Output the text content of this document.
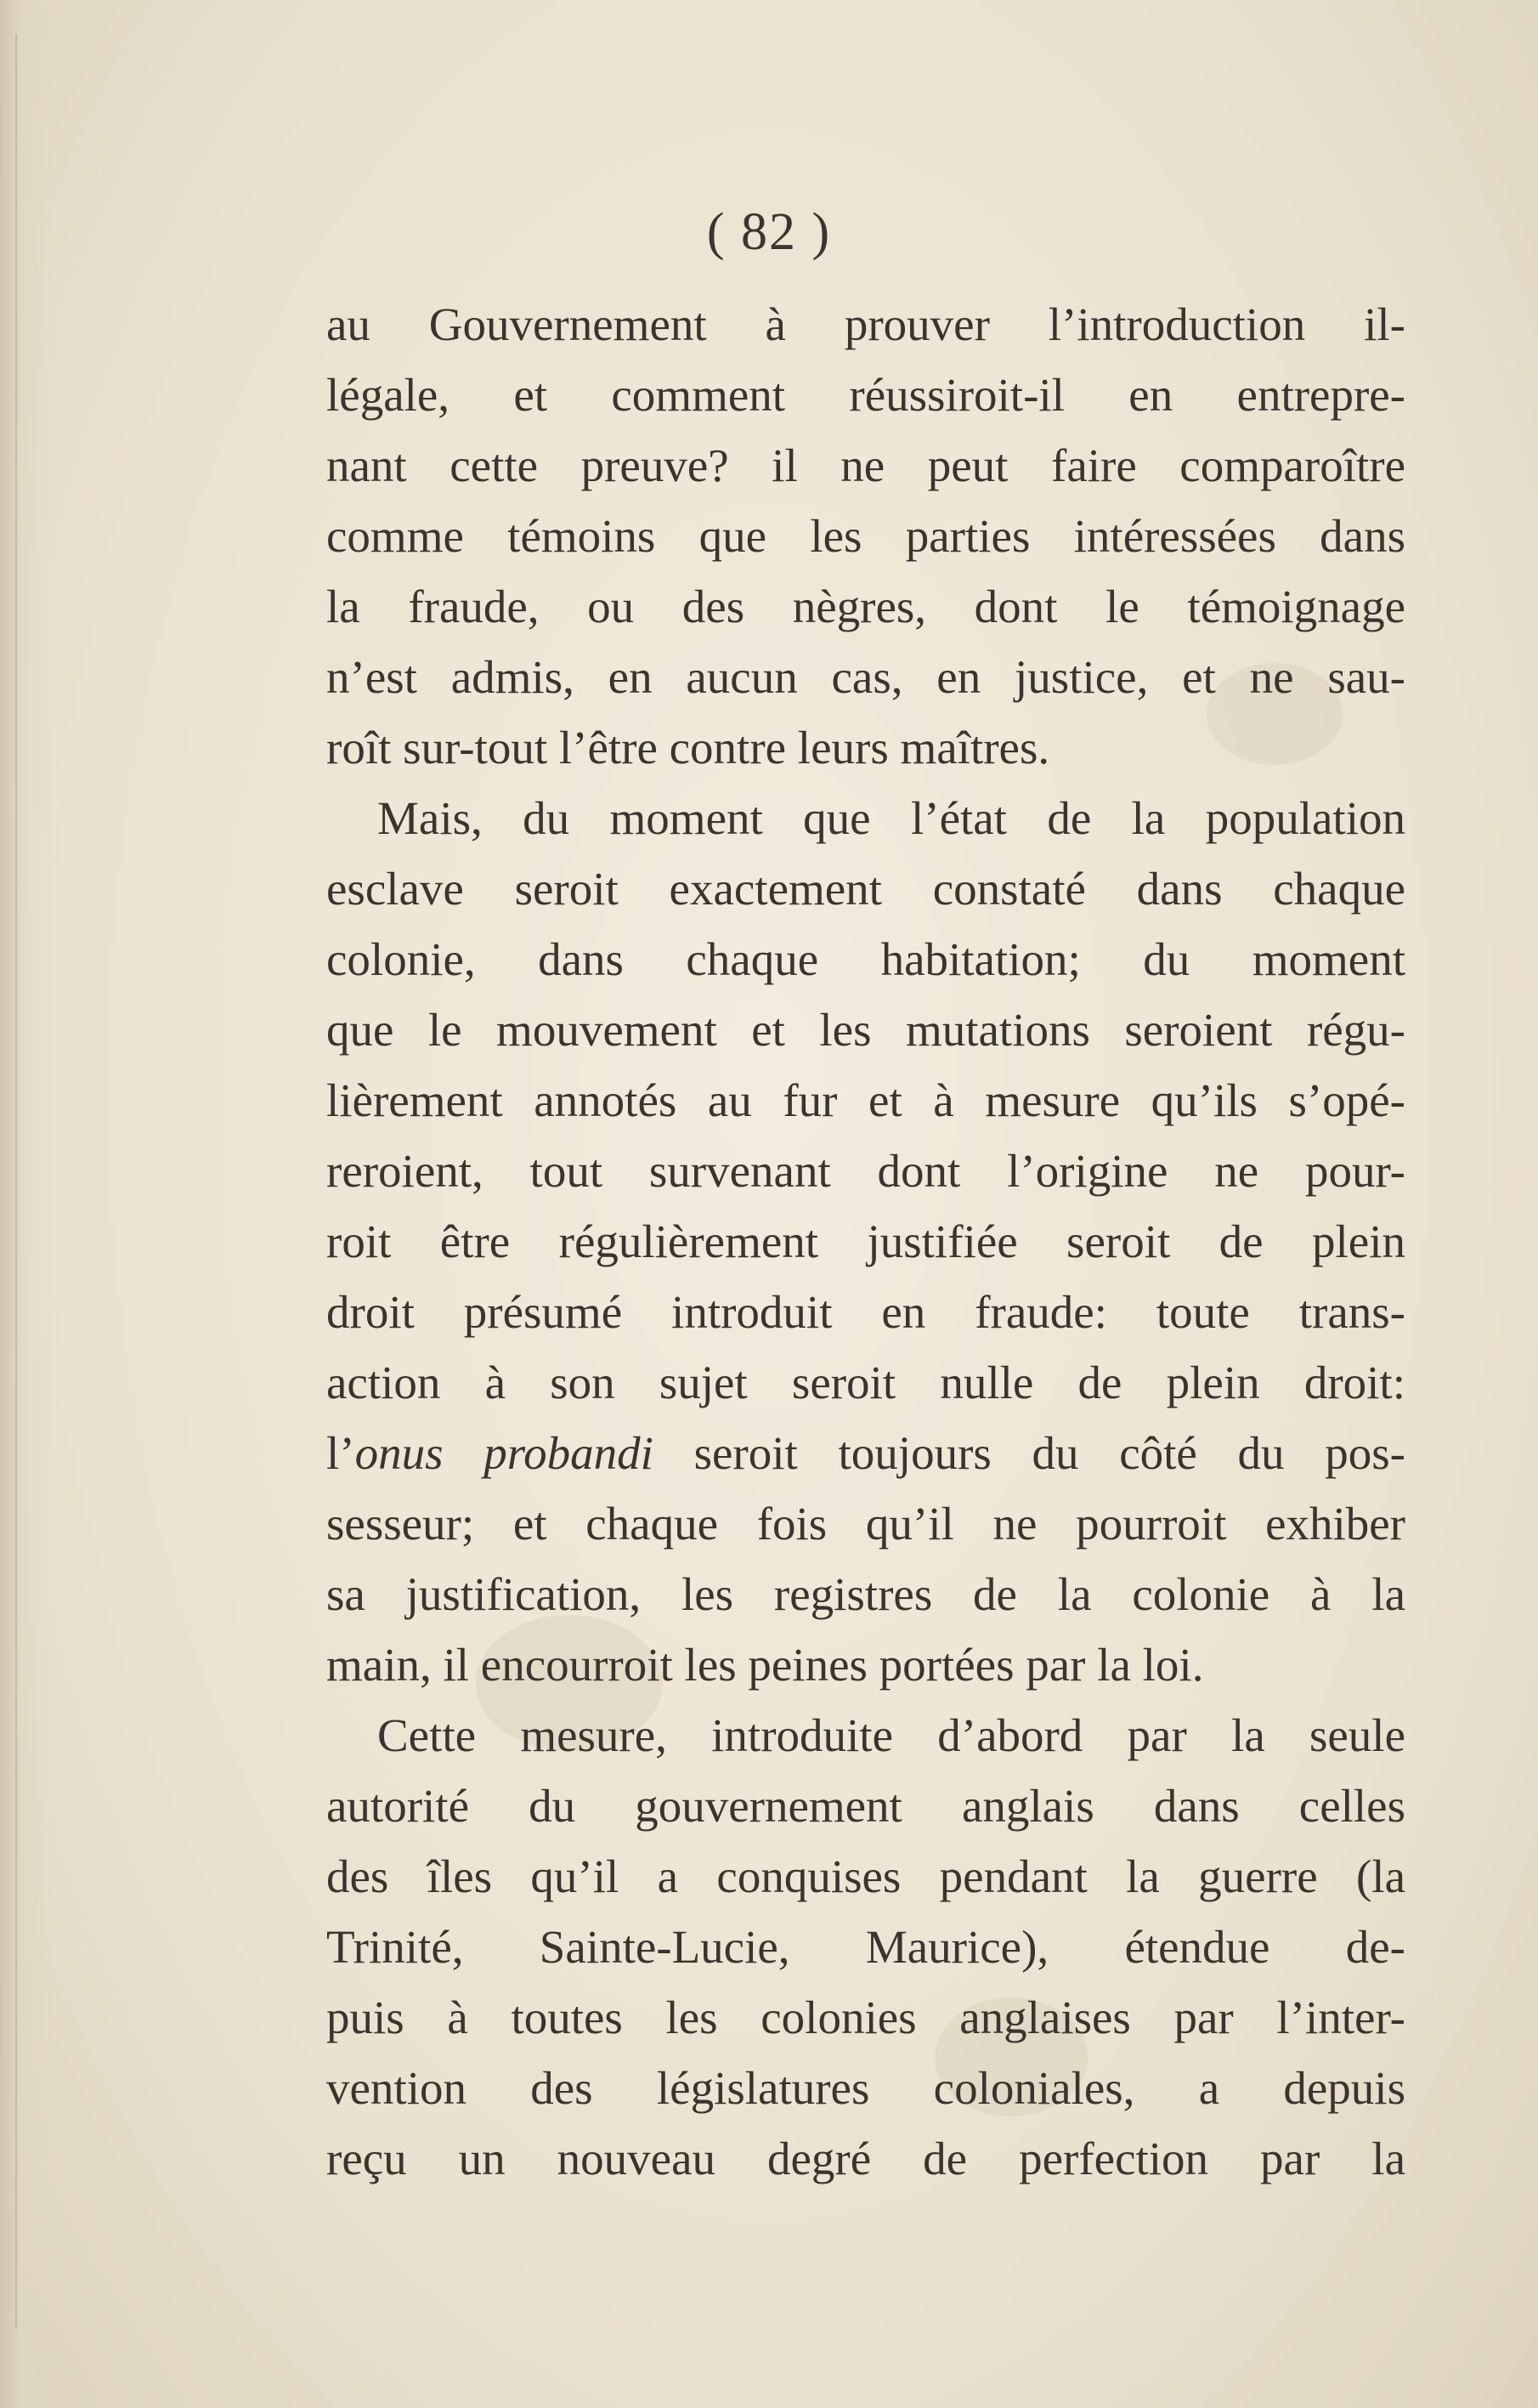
( 82 )
au Gouvernement à prouver l’introduction il-
légale, et comment réussiroit-il en entrepre-
nant cette preuve? il ne peut faire comparoître
comme témoins que les parties intéressées dans
la fraude, ou des nègres, dont le témoignage
n’est admis, en aucun cas, en justice, et ne sau-
roît sur-tout l’être contre leurs maîtres.
Mais, du moment que l’état de la population
esclave seroit exactement constaté dans chaque
colonie, dans chaque habitation; du moment
que le mouvement et les mutations seroient régu-
lièrement annotés au fur et à mesure qu’ils s’opé-
reroient, tout survenant dont l’origine ne pour-
roit être régulièrement justifiée seroit de plein
droit présumé introduit en fraude: toute trans-
action à son sujet seroit nulle de plein droit:
l’onus probandi seroit toujours du côté du pos-
sesseur; et chaque fois qu’il ne pourroit exhiber
sa justification, les registres de la colonie à la
main, il encourroit les peines portées par la loi.
Cette mesure, introduite d’abord par la seule
autorité du gouvernement anglais dans celles
des îles qu’il a conquises pendant la guerre (la
Trinité, Sainte-Lucie, Maurice), étendue de-
puis à toutes les colonies anglaises par l’inter-
vention des législatures coloniales, a depuis
reçu un nouveau degré de perfection par la
